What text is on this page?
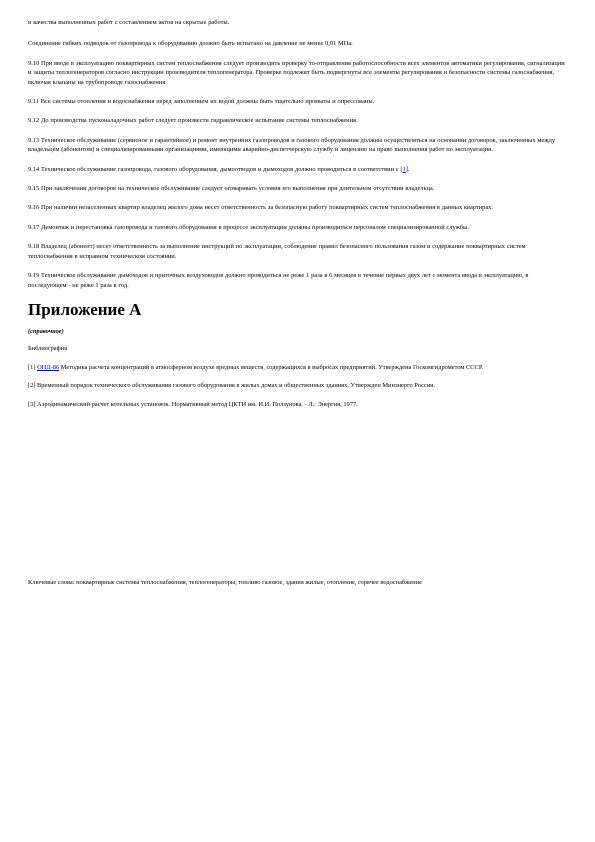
и качества выполненных работ с составлением актов на скрытые работы.

Соединение гибких подводок от газопровода к оборудованию должно быть испытано на давление не менее 0,01 МПа.

9.10 При вводе в эксплуатацию поквартирных систем теплоснабжения следует производить проверку то-отправления работоспособности всех элементов автоматики регулирования, сигнализации и защиты теплогенераторов согласно инструкции производителя теплогенератора. Проверке подлежит быть подвергнуты все элементы регулирования и безопасности системы газоснабжения, включая клапаны на трубопроводе газоснабжения.

9.11 Все системы отопления и водоснабжения перед заполнением их водой должны быть тщательно промыты и опрессованы.

9.12 До производства пусконаладочных работ следует произвести гидравлическое испытание системы теплоснабжения.

9.13 Техническое обслуживание (сервисное и гарантийное) и ремонт внутренних газопроводов и газового оборудования должны осуществляться на основании договоров, заключенных между владельцем (абонентом) и специализированными организациями, имеющими аварийно-диспетчерскую службу и лицензию на право выполнения работ по эксплуатации.

9.14 Техническое обслуживание газопровода, газового оборудования, дымоотводов и дымоходов должно проводиться в соответствии с [1].

9.15 При заключении договоров на техническое обслуживание следует оговаривать условия его выполнения при длительном отсутствии владельца.

9.16 При наличии незаселенных квартир владелец жилого дома несет ответственность за безопасную работу поквартирных систем теплоснабжения в данных квартирах.

9.17 Демонтаж и перестановка газопровода и газового оборудования в процессе эксплуатации должны производиться персоналом специализированной службы.

9.18 Владелец (абонент) несет ответственность за выполнение инструкций по эксплуатации, соблюдение правил безопасного пользования газом и содержание поквартирных систем теплоснабжения в исправном техническом состоянии.

9.19 Техническое обслуживание дымоходов и приточных воздуховодов должно проводиться не реже 1 раза в 6 месяцев в течение первых двух лет с момента ввода в эксплуатацию, в последующем - не реже 1 раза в год.

Приложение А

(справочное)

Библиография

[1] ОНД-86 Методика расчета концентраций в атмосферном воздухе вредных веществ, содержащихся в выбросах предприятий. Утверждена Госкомгидрометом СССР.

[2] Временный порядок технического обслуживания газового оборудования в жилых домах и общественных зданиях. Утвержден Минэнерго России.

[3] Аэродинамический расчет котельных установок. Нормативный метод ЦКТИ им. И.И. Ползунова. - Л.: Энергия, 1977.

Ключевые слова: поквартирные системы теплоснабжения, теплогенераторы, топливо газовое, здания жилые, отопление, горячее водоснабжение
